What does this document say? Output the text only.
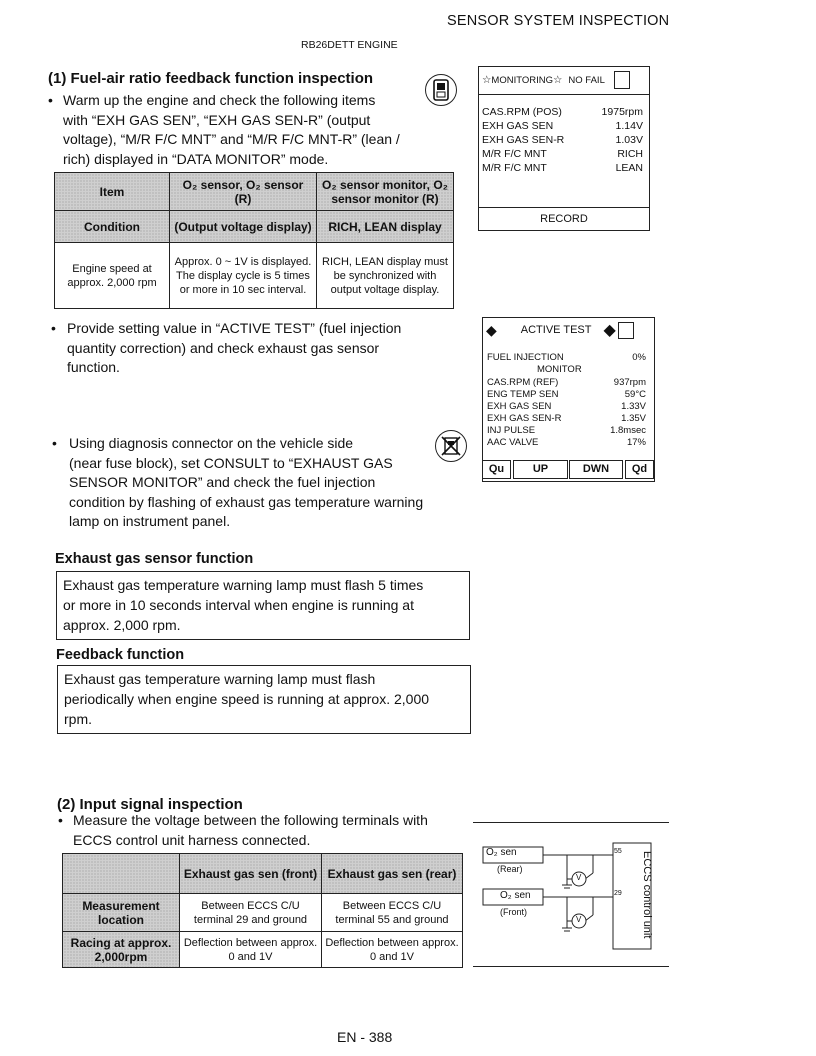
SENSOR SYSTEM INSPECTION
RB26DETT ENGINE
(1) Fuel-air ratio feedback function inspection
• Warm up the engine and check the following items
with “EXH GAS SEN”, “EXH GAS SEN-R” (output
voltage), “M/R F/C MNT” and “M/R F/C MNT-R” (lean /
rich) displayed in “DATA MONITOR” mode.
Item	O₂ sensor, O₂ sensor (R)	O₂ sensor monitor, O₂ sensor monitor (R)
Condition	(Output voltage display)	RICH, LEAN display
Engine speed at approx. 2,000 rpm	Approx. 0 ~ 1V is displayed. The display cycle is 5 times or more in 10 sec interval.	RICH, LEAN display must be synchronized with output voltage display.
• Provide setting value in “ACTIVE TEST” (fuel injection
quantity correction) and check exhaust gas sensor
function.
• Using diagnosis connector on the vehicle side
(near fuse block), set CONSULT to “EXHAUST GAS
SENSOR MONITOR” and check the fuel injection
condition by flashing of exhaust gas temperature warning
lamp on instrument panel.
☆ MONITORING ☆ NO FAIL
CAS.RPM (POS)	1975rpm
EXH GAS SEN	1.14V
EXH GAS SEN-R	1.03V
M/R F/C MNT	RICH
M/R F/C MNT	LEAN
RECORD
◆ ACTIVE TEST ◆
FUEL INJECTION	0%
MONITOR
CAS.RPM (REF)	937rpm
ENG TEMP SEN	59°C
EXH GAS SEN	1.33V
EXH GAS SEN-R	1.35V
INJ PULSE	1.8msec
AAC VALVE	17%
Qu	UP	DWN	Qd
Exhaust gas sensor function
Exhaust gas temperature warning lamp must flash 5 times
or more in 10 seconds interval when engine is running at
approx. 2,000 rpm.
Feedback function
Exhaust gas temperature warning lamp must flash
periodically when engine speed is running at approx. 2,000
rpm.
(2) Input signal inspection
• Measure the voltage between the following terminals with
ECCS control unit harness connected.
	Exhaust gas sen (front)	Exhaust gas sen (rear)
Measurement location	Between ECCS C/U terminal 29 and ground	Between ECCS C/U terminal 55 and ground
Racing at approx. 2,000rpm	Deflection between approx. 0 and 1V	Deflection between approx. 0 and 1V
O₂ sen
(Rear)
O₂ sen
(Front)
55
29
V
V	ECCS control unit
EN - 388
